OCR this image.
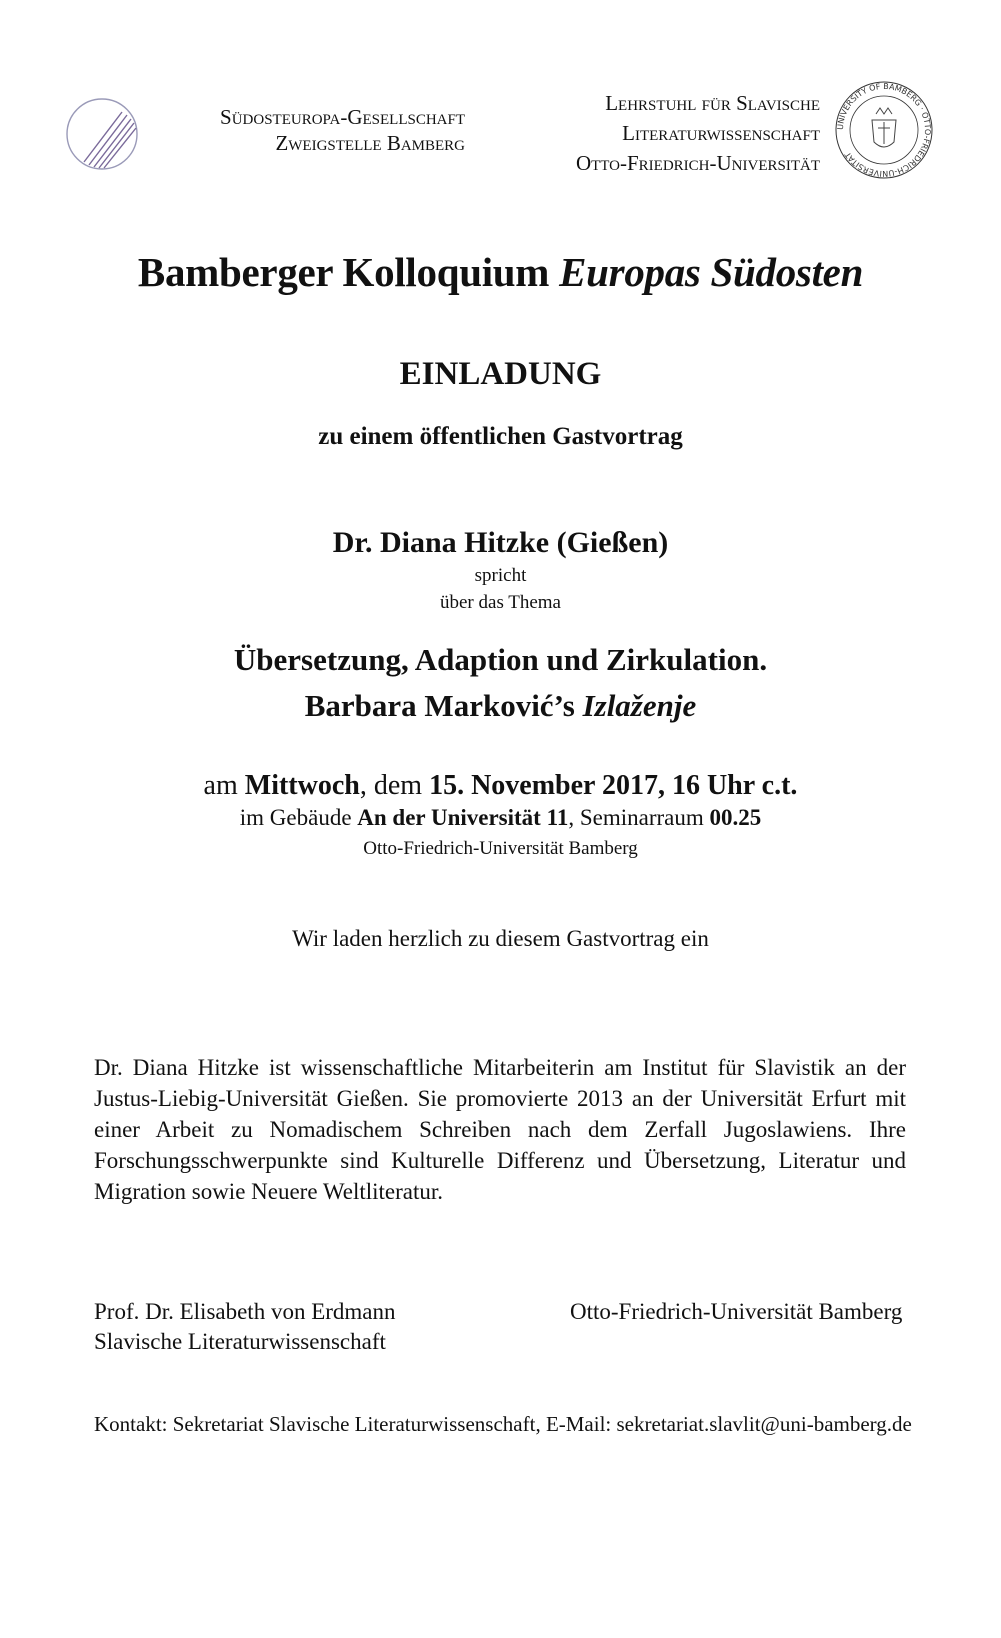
Südosteuropa-Gesellschaft
Zweigstelle Bamberg
Lehrstuhl für Slavische
Literaturwissenschaft
Otto-Friedrich-Universität
UNIVERSITY OF BAMBERG · OTTO-FRIEDRICH-UNIVERSITÄT
Bamberger Kolloquium Europas Südosten
EINLADUNG
zu einem öffentlichen Gastvortrag
Dr. Diana Hitzke (Gießen)
spricht
über das Thema
Übersetzung, Adaption und Zirkulation.
Barbara Marković’s Izlaženje
am Mittwoch, dem 15. November 2017, 16 Uhr c.t.
im Gebäude An der Universität 11, Seminarraum 00.25
Otto-Friedrich-Universität Bamberg
Wir laden herzlich zu diesem Gastvortrag ein
Dr. Diana Hitzke ist wissenschaftliche Mitarbeiterin am Institut für Slavistik an der Justus-Liebig-Universität Gießen. Sie promovierte 2013 an der Universität Erfurt mit einer Arbeit zu Nomadischem Schreiben nach dem Zerfall Jugoslawiens. Ihre Forschungsschwerpunkte sind Kulturelle Differenz und Übersetzung, Literatur und Migration sowie Neuere Weltliteratur.
Prof. Dr. Elisabeth von Erdmann
Slavische Literaturwissenschaft
Otto-Friedrich-Universität Bamberg
Kontakt: Sekretariat Slavische Literaturwissenschaft, E-Mail: sekretariat.slavlit@uni-bamberg.de
